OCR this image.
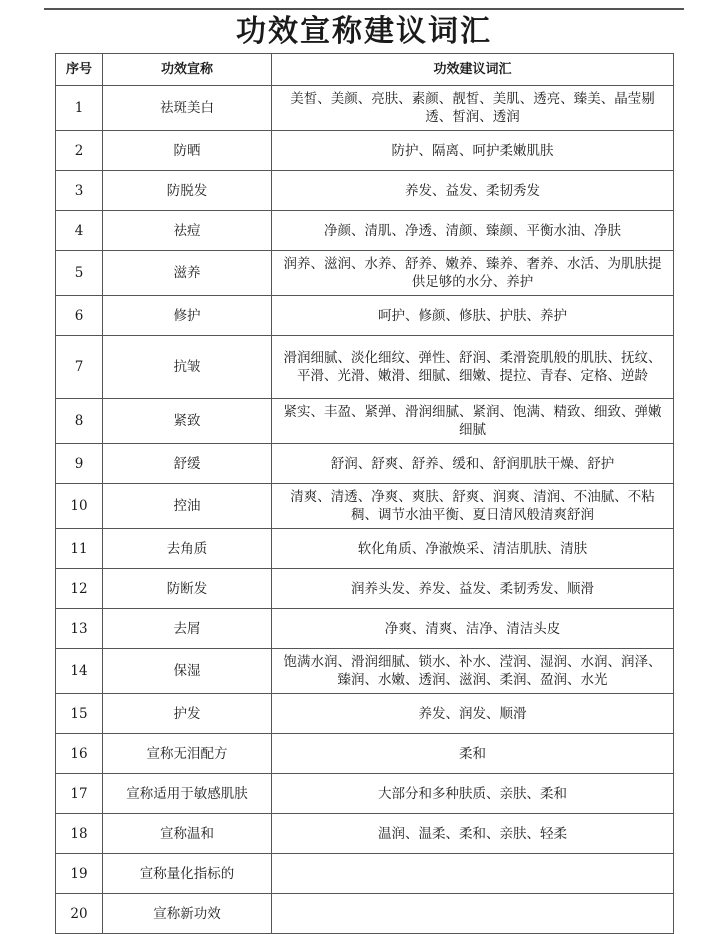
功效宣称建议词汇
序号	功效宣称	功效建议词汇
1	祛斑美白	美皙、美颜、亮肤、素颜、靓皙、美肌、透亮、臻美、晶莹剔透、皙润、透润
2	防晒	防护、隔离、呵护柔嫩肌肤
3	防脱发	养发、益发、柔韧秀发
4	祛痘	净颜、清肌、净透、清颜、臻颜、平衡水油、净肤
5	滋养	润养、滋润、水养、舒养、嫩养、臻养、奢养、水活、为肌肤提供足够的水分、养护
6	修护	呵护、修颜、修肤、护肤、养护
7	抗皱	滑润细腻、淡化细纹、弹性、舒润、柔滑瓷肌般的肌肤、抚纹、平滑、光滑、嫩滑、细腻、细嫩、提拉、青春、定格、逆龄
8	紧致	紧实、丰盈、紧弹、滑润细腻、紧润、饱满、精致、细致、弹嫩细腻
9	舒缓	舒润、舒爽、舒养、缓和、舒润肌肤干燥、舒护
10	控油	清爽、清透、净爽、爽肤、舒爽、润爽、清润、不油腻、不粘稠、调节水油平衡、夏日清风般清爽舒润
11	去角质	软化角质、净澈焕采、清洁肌肤、清肤
12	防断发	润养头发、养发、益发、柔韧秀发、顺滑
13	去屑	净爽、清爽、洁净、清洁头皮
14	保湿	饱满水润、滑润细腻、锁水、补水、滢润、湿润、水润、润泽、臻润、水嫩、透润、滋润、柔润、盈润、水光
15	护发	养发、润发、顺滑
16	宣称无泪配方	柔和
17	宣称适用于敏感肌肤	大部分和多种肤质、亲肤、柔和
18	宣称温和	温润、温柔、柔和、亲肤、轻柔
19	宣称量化指标的	
20	宣称新功效	
